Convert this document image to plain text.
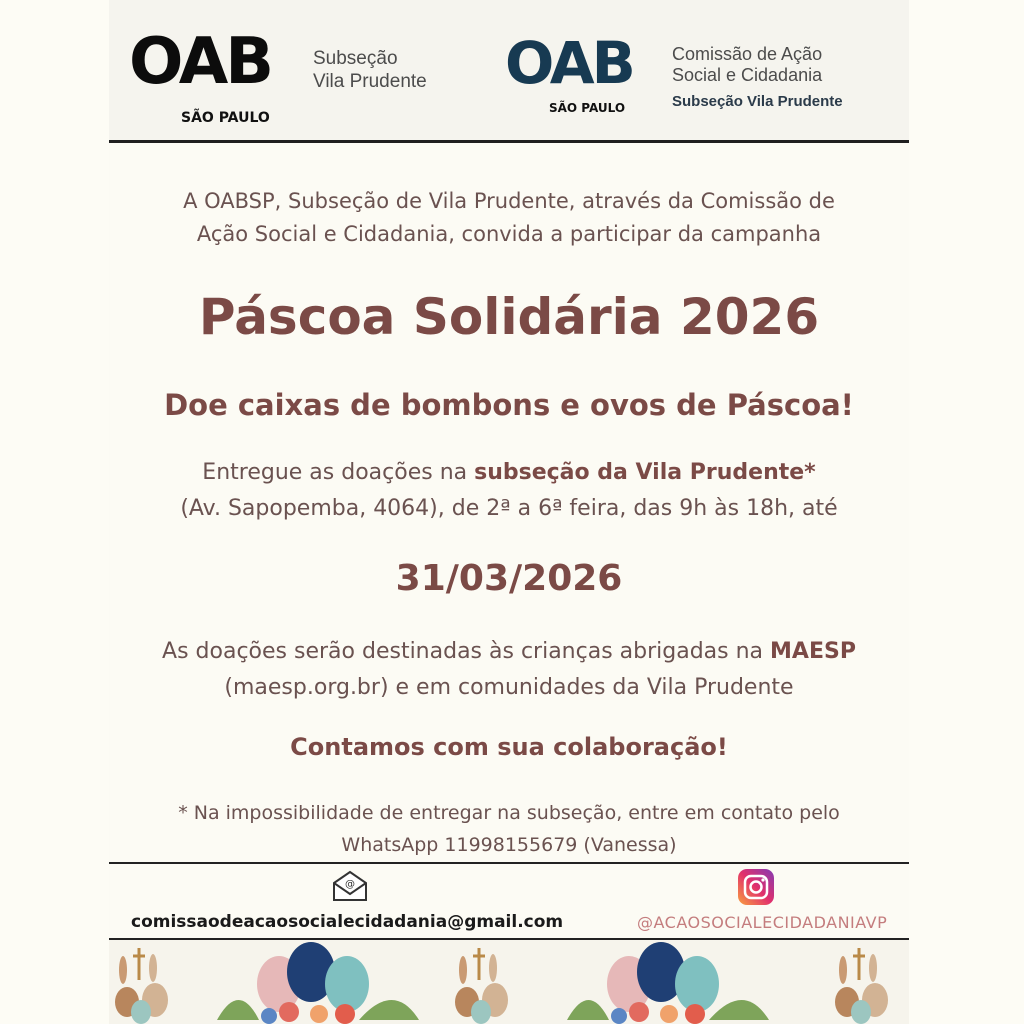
OAB
SÃO PAULO
Subseção
Vila Prudente OAB
SÃO PAULO
Comissão de Ação
Social e Cidadania
Subseção Vila Prudente
A OABSP, Subseção de Vila Prudente, através da Comissão de
Ação Social e Cidadania, convida a participar da campanha
Páscoa Solidária 2026
Doe caixas de bombons e ovos de Páscoa!
Entregue as doações na subseção da Vila Prudente*
(Av. Sapopemba, 4064), de 2ª a 6ª feira, das 9h às 18h, até
31/03/2026
As doações serão destinadas às crianças abrigadas na MAESP
(maesp.org.br) e em comunidades da Vila Prudente
Contamos com sua colaboração!
* Na impossibilidade de entregar na subseção, entre em contato pelo
WhatsApp 11998155679 (Vanessa)
@
comissaodeacaosocialecidadania@gmail.com	@ACAOSOCIALECIDADANIAVP
